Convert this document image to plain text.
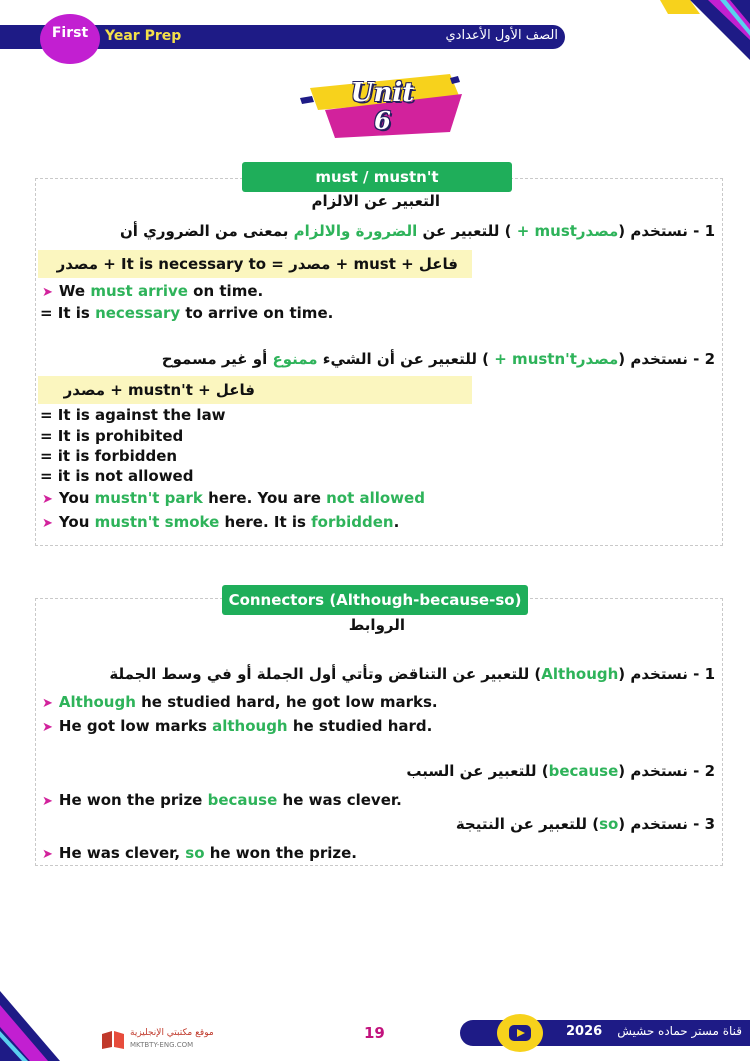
First Year Prep	الصف الأول الأعدادي
Unit
6
must / mustn't
التعبير عن الالزام
1 - نستخدم (مصدر + must) للتعبير عن الضرورة والالزام بمعنى من الضروري أن
فاعل + must + مصدر = It is necessary to + مصدر
➤ We must arrive on time.
= It is necessary to arrive on time.
2 - نستخدم (مصدر + mustn't) للتعبير عن أن الشيء ممنوع أو غير مسموح
فاعل + mustn't + مصدر
= It is against the law
= It is prohibited
= it is forbidden
= it is not allowed
➤ You mustn't park here. You are not allowed
➤ You mustn't smoke here. It is forbidden.
Connectors (Although-because-so)
الروابط
1 - نستخدم (Although) للتعبير عن التناقض وتأتي أول الجملة أو في وسط الجملة
➤ Although he studied hard, he got low marks.
➤ He got low marks although he studied hard.
2 - نستخدم (because) للتعبير عن السبب
➤ He won the prize because he was clever.
3 - نستخدم (so) للتعبير عن النتيجة
➤ He was clever, so he won the prize.
موقع مكتبتي الإنجليزية
MKTBTY-ENG.COM
19	2026 قناة مستر حماده حشيش
